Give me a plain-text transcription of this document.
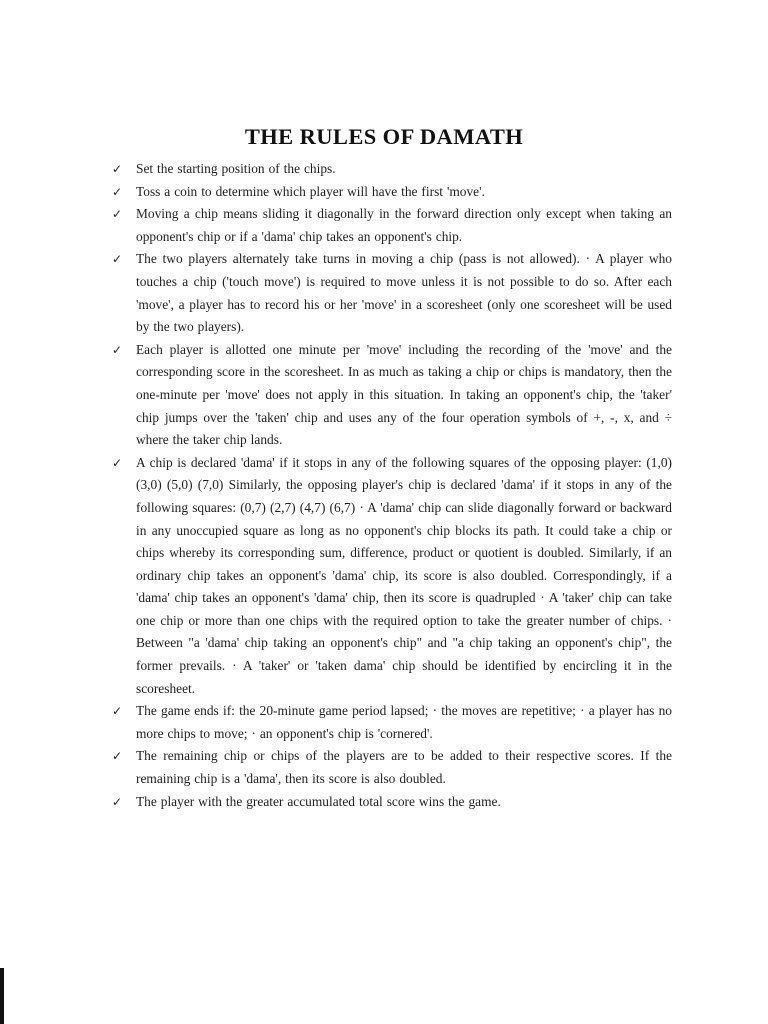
THE RULES OF DAMATH
✓ Set the starting position of the chips.
✓ Toss a coin to determine which player will have the first 'move'.
✓ Moving a chip means sliding it diagonally in the forward direction only except when taking an opponent's chip or if a 'dama' chip takes an opponent's chip.
✓ The two players alternately take turns in moving a chip (pass is not allowed). · A player who touches a chip ('touch move') is required to move unless it is not possible to do so. After each 'move', a player has to record his or her 'move' in a scoresheet (only one scoresheet will be used by the two players).
✓ Each player is allotted one minute per 'move' including the recording of the 'move' and the corresponding score in the scoresheet. In as much as taking a chip or chips is mandatory, then the one-minute per 'move' does not apply in this situation. In taking an opponent's chip, the 'taker' chip jumps over the 'taken' chip and uses any of the four operation symbols of +, -, x, and ÷ where the taker chip lands.
✓ A chip is declared 'dama' if it stops in any of the following squares of the opposing player: (1,0) (3,0) (5,0) (7,0) Similarly, the opposing player's chip is declared 'dama' if it stops in any of the following squares: (0,7) (2,7) (4,7) (6,7) · A 'dama' chip can slide diagonally forward or backward in any unoccupied square as long as no opponent's chip blocks its path. It could take a chip or chips whereby its corresponding sum, difference, product or quotient is doubled. Similarly, if an ordinary chip takes an opponent's 'dama' chip, its score is also doubled. Correspondingly, if a 'dama' chip takes an opponent's 'dama' chip, then its score is quadrupled · A 'taker' chip can take one chip or more than one chips with the required option to take the greater number of chips. · Between "a 'dama' chip taking an opponent's chip" and "a chip taking an opponent's chip", the former prevails. · A 'taker' or 'taken dama' chip should be identified by encircling it in the scoresheet.
✓ The game ends if: the 20-minute game period lapsed; · the moves are repetitive; · a player has no more chips to move; · an opponent's chip is 'cornered'.
✓ The remaining chip or chips of the players are to be added to their respective scores. If the remaining chip is a 'dama', then its score is also doubled.
✓ The player with the greater accumulated total score wins the game.
